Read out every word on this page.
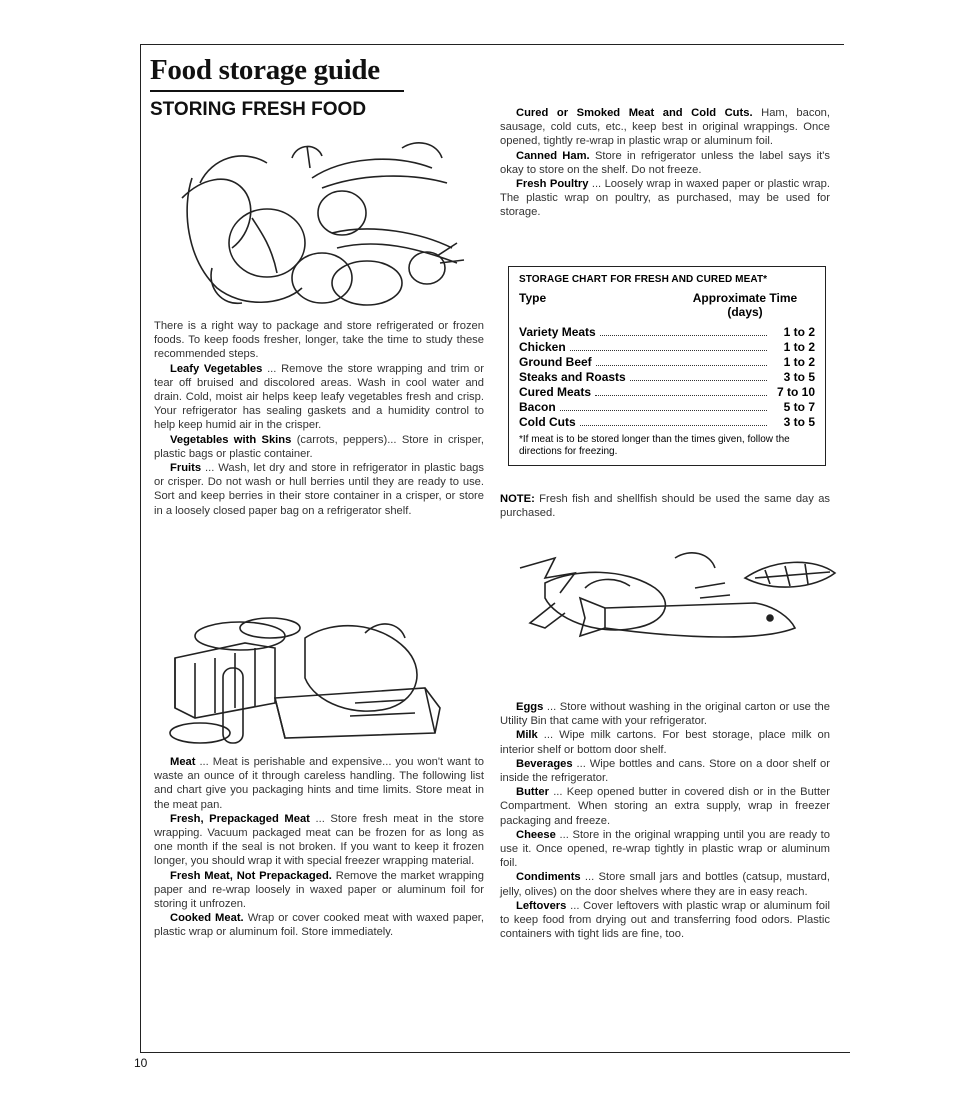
10
Food storage guide
STORING FRESH FOOD

There is a right way to package and store refrigerated or frozen foods. To keep foods fresher, longer, take the time to study these recommended steps.

Leafy Vegetables ... Remove the store wrapping and trim or tear off bruised and discolored areas. Wash in cool water and drain. Cold, moist air helps keep leafy vegetables fresh and crisp. Your refrigerator has sealing gaskets and a humidity control to help keep humid air in the crisper.

Vegetables with Skins (carrots, peppers)... Store in crisper, plastic bags or plastic container.

Fruits ... Wash, let dry and store in refrigerator in plastic bags or crisper. Do not wash or hull berries until they are ready to use. Sort and keep berries in their store container in a crisper, or store in a loosely closed paper bag on a refrigerator shelf.

Meat ... Meat is perishable and expensive... you won't want to waste an ounce of it through careless handling. The following list and chart give you packaging hints and time limits. Store meat in the meat pan.

Fresh, Prepackaged Meat ... Store fresh meat in the store wrapping. Vacuum packaged meat can be frozen for as long as one month if the seal is not broken. If you want to keep it frozen longer, you should wrap it with special freezer wrapping material.

Fresh Meat, Not Prepackaged. Remove the market wrapping paper and re-wrap loosely in waxed paper or aluminum foil for storing it unfrozen.

Cooked Meat. Wrap or cover cooked meat with waxed paper, plastic wrap or aluminum foil. Store immediately.

Cured or Smoked Meat and Cold Cuts. Ham, bacon, sausage, cold cuts, etc., keep best in original wrappings. Once opened, tightly re-wrap in plastic wrap or aluminum foil.

Canned Ham. Store in refrigerator unless the label says it's okay to store on the shelf. Do not freeze.

Fresh Poultry ... Loosely wrap in waxed paper or plastic wrap. The plastic wrap on poultry, as purchased, may be used for storage.

STORAGE CHART FOR FRESH AND CURED MEAT*
Type	Approximate Time
(days)
Variety Meats	1 to 2
Chicken	1 to 2
Ground Beef	1 to 2
Steaks and Roasts	3 to 5
Cured Meats	7 to 10
Bacon	5 to 7
Cold Cuts	3 to 5
*If meat is to be stored longer than the times given, follow the directions for freezing.

NOTE: Fresh fish and shellfish should be used the same day as purchased.

Eggs ... Store without washing in the original carton or use the Utility Bin that came with your refrigerator.

Milk ... Wipe milk cartons. For best storage, place milk on interior shelf or bottom door shelf.

Beverages ... Wipe bottles and cans. Store on a door shelf or inside the refrigerator.

Butter ... Keep opened butter in covered dish or in the Butter Compartment. When storing an extra supply, wrap in freezer packaging and freeze.

Cheese ... Store in the original wrapping until you are ready to use it. Once opened, re-wrap tightly in plastic wrap or aluminum foil.

Condiments ... Store small jars and bottles (catsup, mustard, jelly, olives) on the door shelves where they are in easy reach.

Leftovers ... Cover leftovers with plastic wrap or aluminum foil to keep food from drying out and transferring food odors. Plastic containers with tight lids are fine, too.
